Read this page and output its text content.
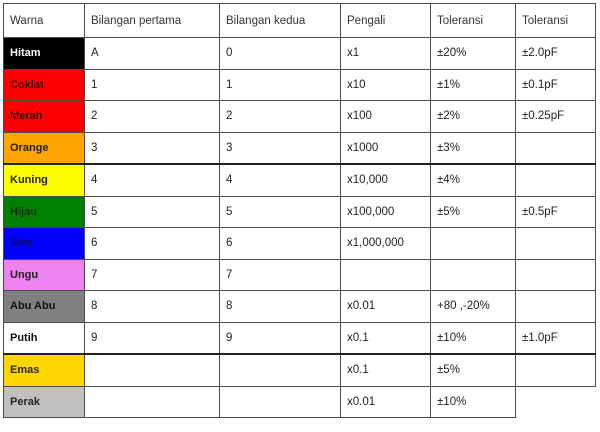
Warna	Bilangan pertama	Bilangan kedua	Pengali	Toleransi	Toleransi
Hitam	A	0	x1	±20%	±2.0pF
Coklat	1	1	x10	±1%	±0.1pF
Merah	2	2	x100	±2%	±0.25pF
Orange	3	3	x1000	±3%	
Kuning	4	4	x10,000	±4%	
Hijau	5	5	x100,000	±5%	±0.5pF
Biru	6	6	x1,000,000		
Ungu	7	7			
Abu Abu	8	8	x0.01	+80 ,-20%	
Putih	9	9	x0.1	±10%	±1.0pF
Emas			x0.1	±5%	
Perak			x0.01	±10%	
